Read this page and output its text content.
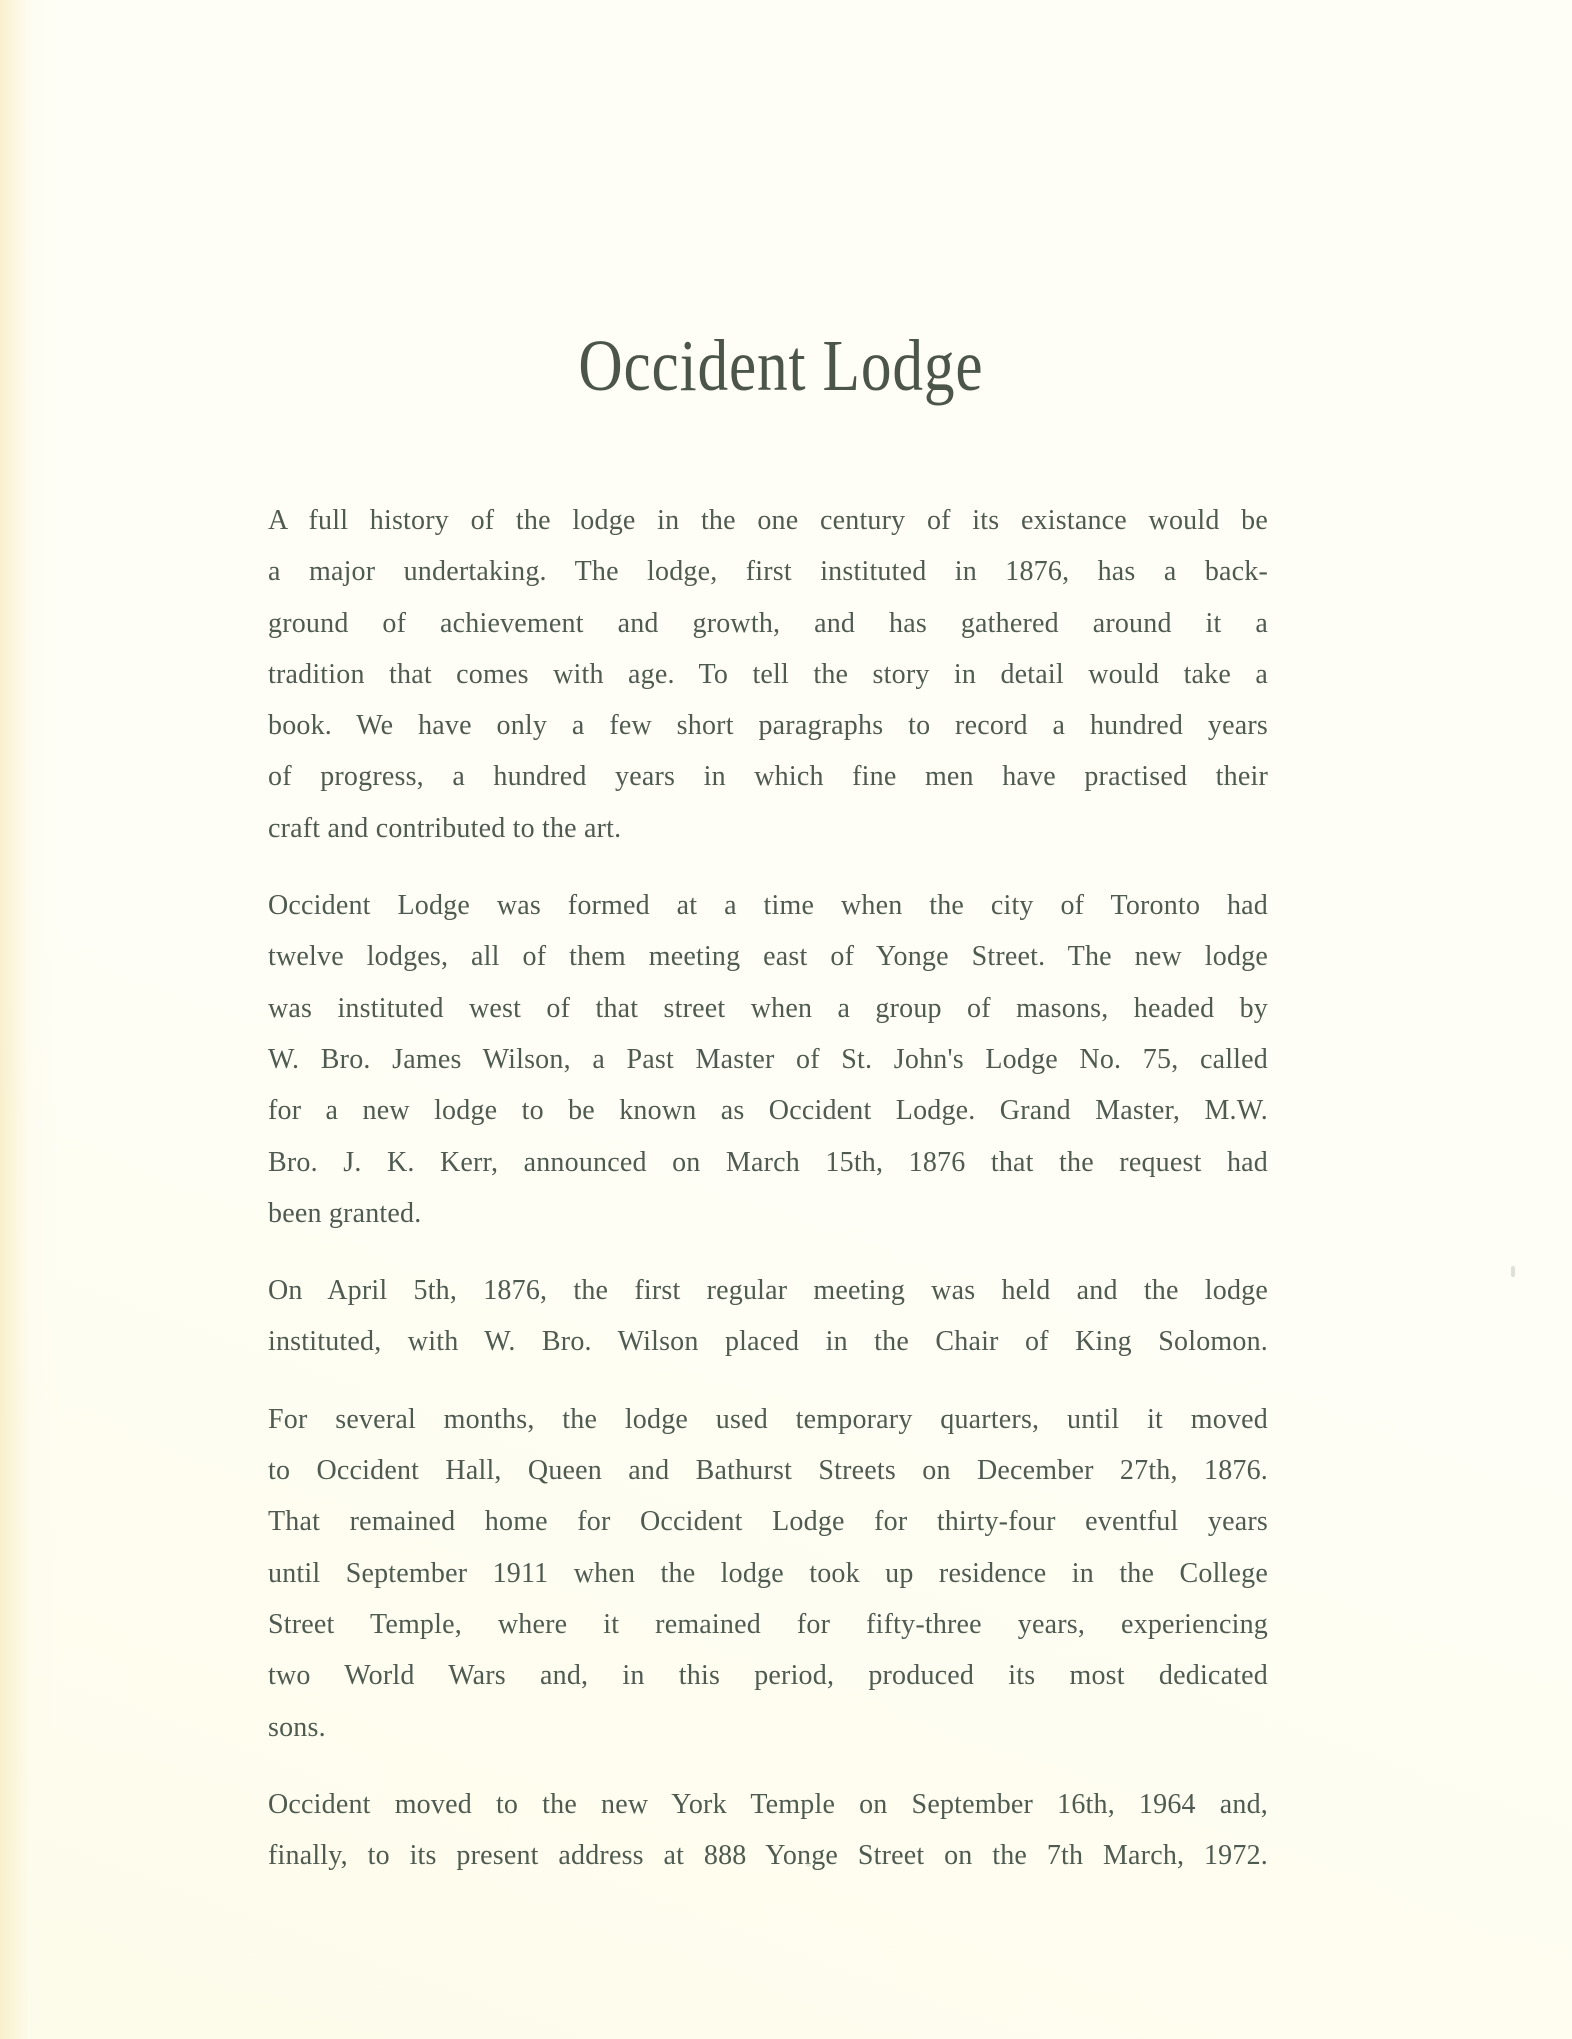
Occident Lodge
A full history of the lodge in the one century of its existance would be
a major undertaking. The lodge, first instituted in 1876, has a back-
ground of achievement and growth, and has gathered around it a
tradition that comes with age. To tell the story in detail would take a
book. We have only a few short paragraphs to record a hundred years
of progress, a hundred years in which fine men have practised their
craft and contributed to the art.
Occident Lodge was formed at a time when the city of Toronto had
twelve lodges, all of them meeting east of Yonge Street. The new lodge
was instituted west of that street when a group of masons, headed by
W. Bro. James Wilson, a Past Master of St. John's Lodge No. 75, called
for a new lodge to be known as Occident Lodge. Grand Master, M.W.
Bro. J. K. Kerr, announced on March 15th, 1876 that the request had
been granted.
On April 5th, 1876, the first regular meeting was held and the lodge
instituted, with W. Bro. Wilson placed in the Chair of King Solomon.
For several months, the lodge used temporary quarters, until it moved
to Occident Hall, Queen and Bathurst Streets on December 27th, 1876.
That remained home for Occident Lodge for thirty-four eventful years
until September 1911 when the lodge took up residence in the College
Street Temple, where it remained for fifty-three years, experiencing
two World Wars and, in this period, produced its most dedicated
sons.
Occident moved to the new York Temple on September 16th, 1964 and,
finally, to its present address at 888 Yonge Street on the 7th March, 1972.
